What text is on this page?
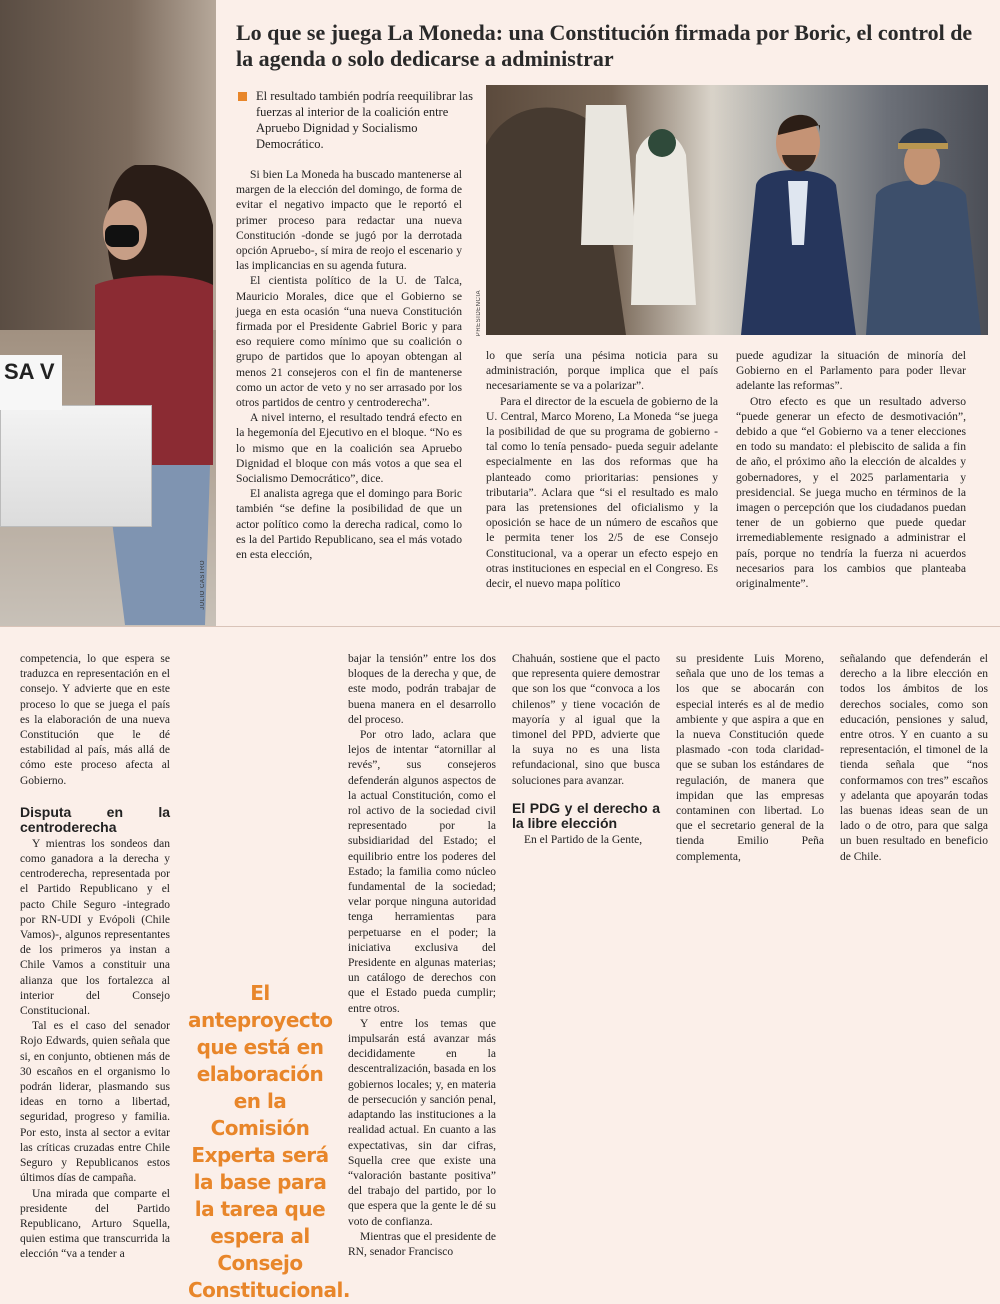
SA V
JULIO CASTRO
Lo que se juega La Moneda: una Constitución firmada por Boric, el control de la agenda o solo dedicarse a administrar
El resultado también podría reequilibrar las fuerzas al interior de la coalición entre Apruebo Dignidad y Socialismo Democrático.
PRESIDENCIA

Si bien La Moneda ha buscado mantenerse al margen de la elección del domingo, de forma de evitar el negativo impacto que le reportó el primer proceso para redactar una nueva Constitución -donde se jugó por la derrotada opción Apruebo-, sí mira de reojo el escenario y las implicancias en su agenda futura.

El cientista político de la U. de Talca, Mauricio Morales, dice que el Gobierno se juega en esta ocasión “una nueva Constitución firmada por el Presidente Gabriel Boric y para eso requiere como mínimo que su coalición o grupo de partidos que lo apoyan obtengan al menos 21 consejeros con el fin de mantenerse como un actor de veto y no ser arrasado por los otros partidos de centro y centroderecha”.

A nivel interno, el resultado tendrá efecto en la hegemonía del Ejecutivo en el bloque. “No es lo mismo que en la coalición sea Apruebo Dignidad el bloque con más votos a que sea el Socialismo Democrático”, dice.

El analista agrega que el domingo para Boric también “se define la posibilidad de que un actor político como la derecha radical, como lo es la del Partido Republicano, sea el más votado en esta elección,

lo que sería una pésima noticia para su administración, porque implica que el país necesariamente se va a polarizar”.

Para el director de la escuela de gobierno de la U. Central, Marco Moreno, La Moneda “se juega la posibilidad de que su programa de gobierno -tal como lo tenía pensado- pueda seguir adelante especialmente en las dos reformas que ha planteado como prioritarias: pensiones y tributaria”. Aclara que “si el resultado es malo para las pretensiones del oficialismo y la oposición se hace de un número de escaños que le permita tener los 2/5 de ese Consejo Constitucional, va a operar un efecto espejo en otras instituciones en especial en el Congreso. Es decir, el nuevo mapa político

puede agudizar la situación de minoría del Gobierno en el Parlamento para poder llevar adelante las reformas”.

Otro efecto es que un resultado adverso “puede generar un efecto de desmotivación”, debido a que “el Gobierno va a tener elecciones en todo su mandato: el plebiscito de salida a fin de año, el próximo año la elección de alcaldes y gobernadores, y el 2025 parlamentaria y presidencial. Se juega mucho en términos de la imagen o percepción que los ciudadanos puedan tener de un gobierno que puede quedar irremediablemente resignado a administrar el país, porque no tendría la fuerza ni acuerdos necesarios para los cambios que planteaba originalmente”.

competencia, lo que espera se traduzca en representación en el consejo. Y advierte que en este proceso lo que se juega el país es la elaboración de una nueva Constitución que le dé estabilidad al país, más allá de cómo este proceso afecta al Gobierno.

Disputa en la centroderecha

Y mientras los sondeos dan como ganadora a la derecha y centroderecha, representada por el Partido Republicano y el pacto Chile Seguro -integrado por RN-UDI y Evópoli (Chile Vamos)-, algunos representantes de los primeros ya instan a Chile Vamos a constituir una alianza que los fortalezca al interior del Consejo Constitucional.

Tal es el caso del senador Rojo Edwards, quien señala que si, en conjunto, obtienen más de 30 escaños en el organismo lo podrán liderar, plasmando sus ideas en torno a libertad, seguridad, progreso y familia. Por esto, insta al sector a evitar las críticas cruzadas entre Chile Seguro y Republicanos estos últimos días de campaña.

Una mirada que comparte el presidente del Partido Republicano, Arturo Squella, quien estima que transcurrida la elección “va a tender a

El anteproyecto que está en elaboración en la Comisión Experta será la base para la tarea que espera al Consejo Constitucional.

bajar la tensión” entre los dos bloques de la derecha y que, de este modo, podrán trabajar de buena manera en el desarrollo del proceso.

Por otro lado, aclara que lejos de intentar “atornillar al revés”, sus consejeros defenderán algunos aspectos de la actual Constitución, como el rol activo de la sociedad civil representado por la subsidiaridad del Estado; el equilibrio entre los poderes del Estado; la familia como núcleo fundamental de la sociedad; velar porque ninguna autoridad tenga herramientas para perpetuarse en el poder; la iniciativa exclusiva del Presidente en algunas materias; un catálogo de derechos con que el Estado pueda cumplir; entre otros.

Y entre los temas que impulsarán está avanzar más decididamente en la descentralización, basada en los gobiernos locales; y, en materia de persecución y sanción penal, adaptando las instituciones a la realidad actual. En cuanto a las expectativas, sin dar cifras, Squella cree que existe una “valoración bastante positiva” del trabajo del partido, por lo que espera que la gente le dé su voto de confianza.

Mientras que el presidente de RN, senador Francisco

Chahuán, sostiene que el pacto que representa quiere demostrar que son los que “convoca a los chilenos” y tiene vocación de mayoría y al igual que la timonel del PPD, advierte que la suya no es una lista refundacional, sino que busca soluciones para avanzar.

El PDG y el derecho a la libre elección

En el Partido de la Gente,

su presidente Luis Moreno, señala que uno de los temas a los que se abocarán con especial interés es al de medio ambiente y que aspira a que en la nueva Constitución quede plasmado -con toda claridad- que se suban los estándares de regulación, de manera que impidan que las empresas contaminen con libertad. Lo que el secretario general de la tienda Emilio Peña complementa,

señalando que defenderán el derecho a la libre elección en todos los ámbitos de los derechos sociales, como son educación, pensiones y salud, entre otros. Y en cuanto a su representación, el timonel de la tienda señala que “nos conformamos con tres” escaños y adelanta que apoyarán todas las buenas ideas sean de un lado o de otro, para que salga un buen resultado en beneficio de Chile.
